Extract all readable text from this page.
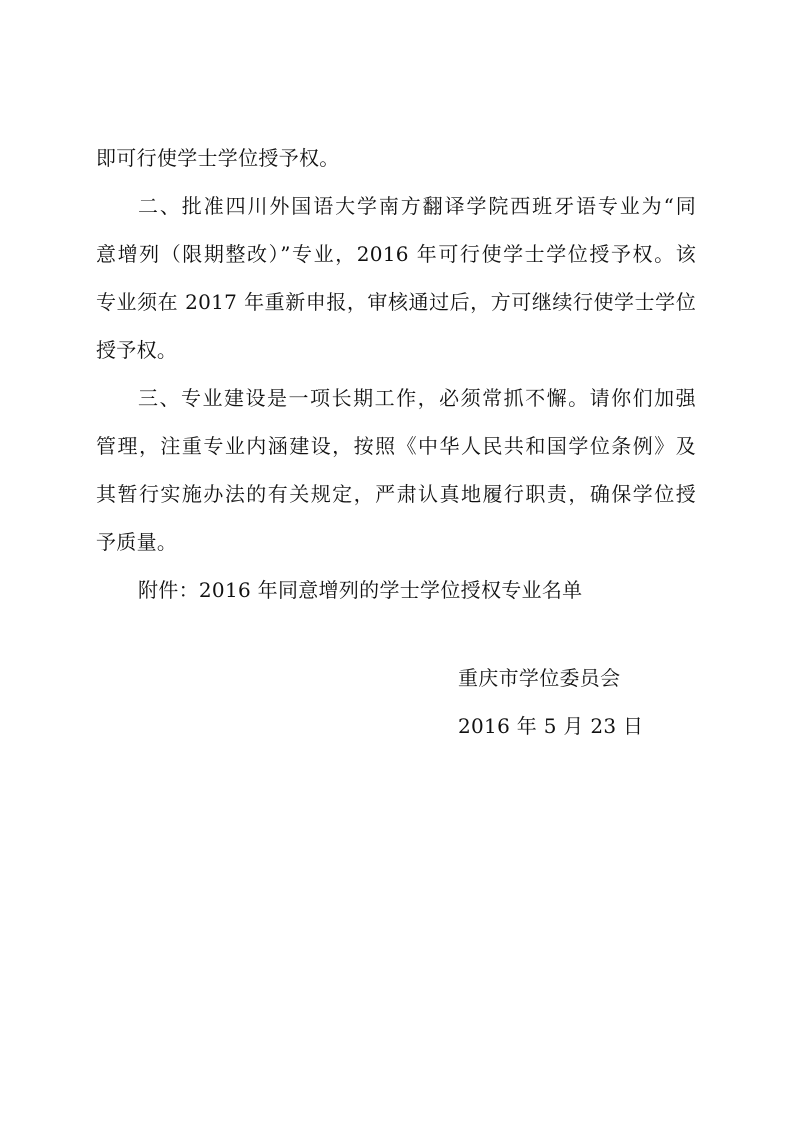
即可行使学士学位授予权。
二、批准四川外国语大学南方翻译学院西班牙语专业为“同
意增列（限期整改）”专业，2016 年可行使学士学位授予权。该
专业须在 2017 年重新申报，审核通过后，方可继续行使学士学位
授予权。
三、专业建设是一项长期工作，必须常抓不懈。请你们加强
管理，注重专业内涵建设，按照《中华人民共和国学位条例》及
其暂行实施办法的有关规定，严肃认真地履行职责，确保学位授
予质量。
附件：2016 年同意增列的学士学位授权专业名单
重庆市学位委员会
2016 年 5 月 23 日
